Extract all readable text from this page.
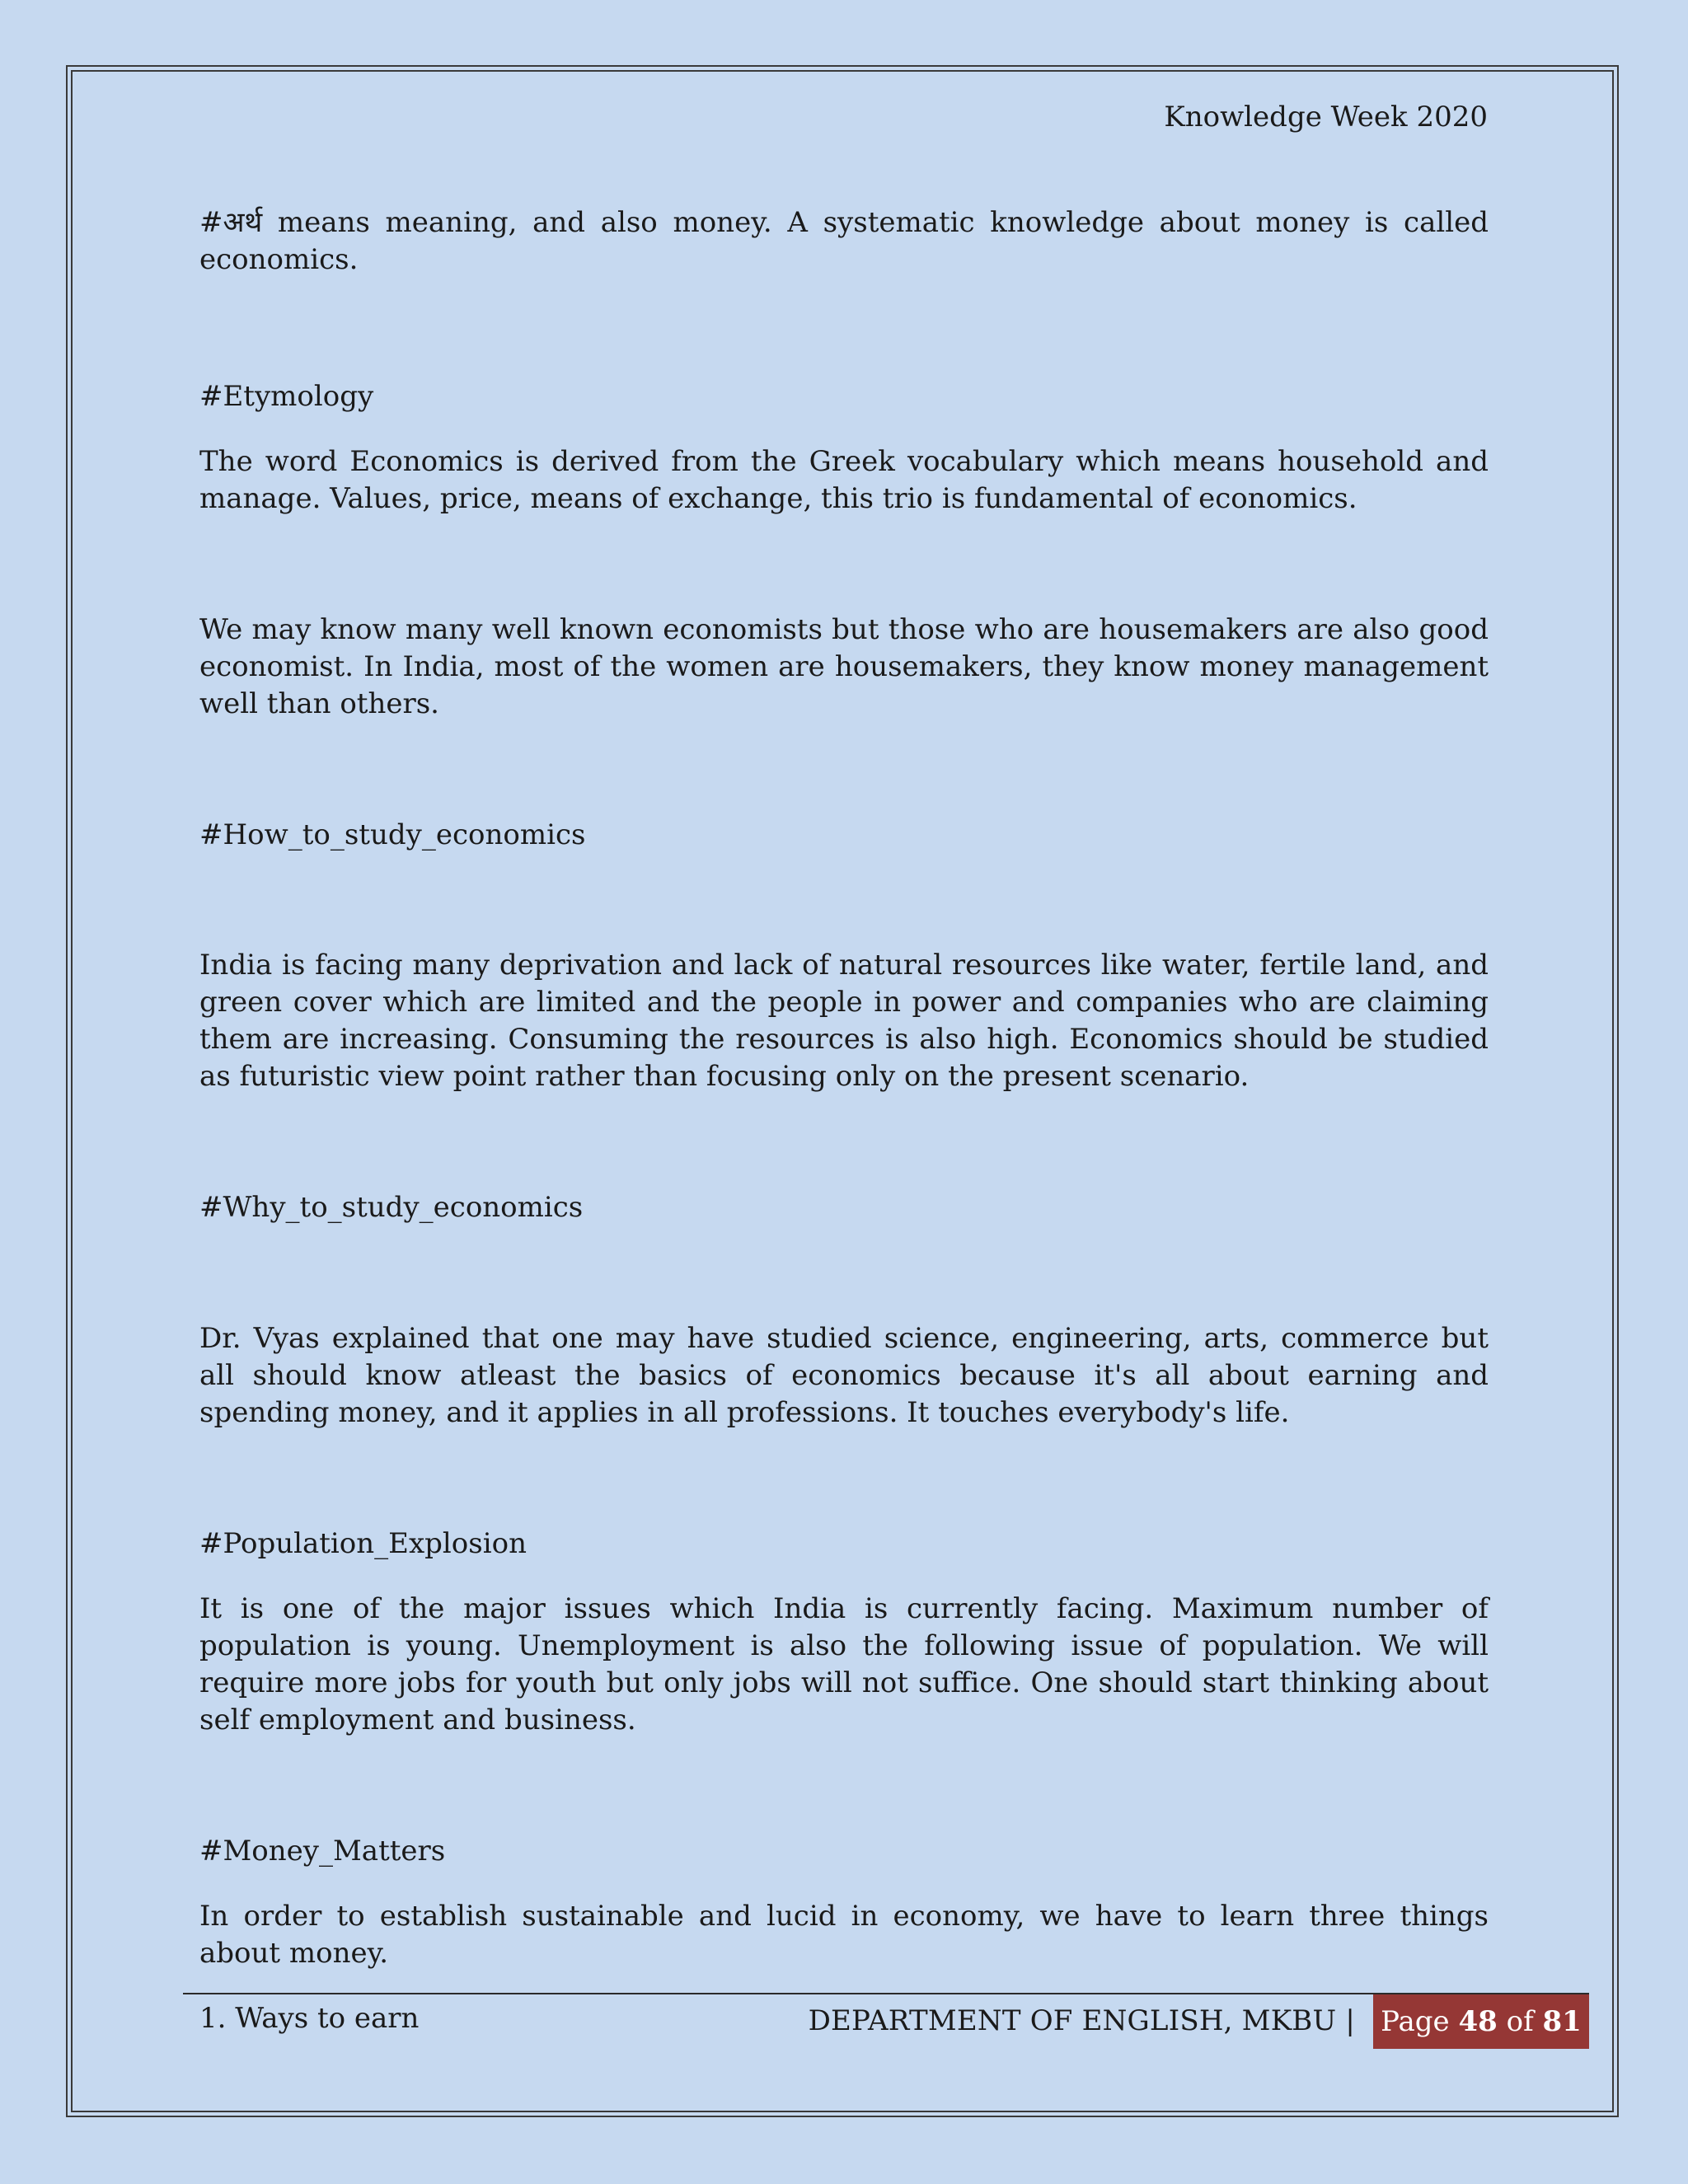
Knowledge Week 2020

#अर्थ means meaning, and also money. A systematic knowledge about money is called economics.

#Etymology

The word Economics is derived from the Greek vocabulary which means household and manage. Values, price, means of exchange, this trio is fundamental of economics.

We may know many well known economists but those who are housemakers are also good economist. In India, most of the women are housemakers, they know money management well than others.

#How_to_study_economics

India is facing many deprivation and lack of natural resources like water, fertile land, and green cover which are limited and the people in power and companies who are claiming them are increasing. Consuming the resources is also high. Economics should be studied as futuristic view point rather than focusing only on the present scenario.

#Why_to_study_economics

Dr. Vyas explained that one may have studied science, engineering, arts, commerce but all should know atleast the basics of economics because it's all about earning and spending money, and it applies in all professions. It touches everybody's life.

#Population_Explosion

It is one of the major issues which India is currently facing. Maximum number of population is young. Unemployment is also the following issue of population. We will require more jobs for youth but only jobs will not suffice. One should start thinking about self employment and business.

#Money_Matters

In order to establish sustainable and lucid in economy, we have to learn three things about money.

1. Ways to earn	DEPARTMENT OF ENGLISH, MKBU | Page 48 of 81
